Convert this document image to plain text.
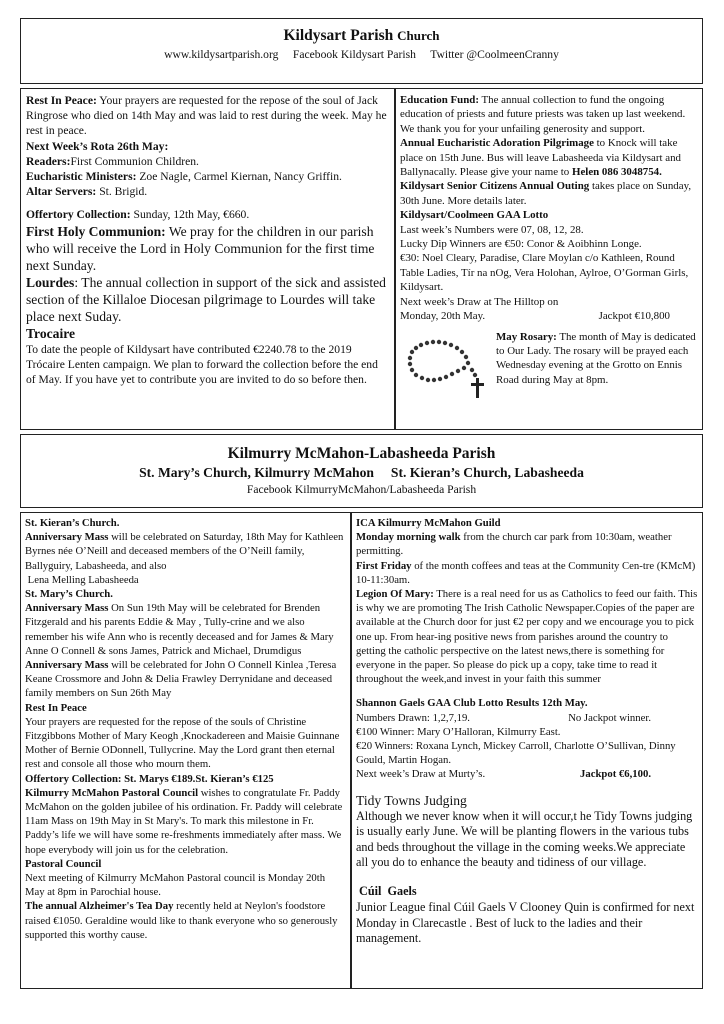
Kildysart Parish Church
www.kildysartparish.org Facebook Kildysart Parish Twitter @CoolmeenCranny

Rest In Peace: Your prayers are requested for the repose of the soul of Jack Ringrose who died on 14th May and was laid to rest during the week. May he rest in peace.

Next Week’s Rota 26th May:

Readers:First Communion Children.

Eucharistic Ministers: Zoe Nagle, Carmel Kiernan, Nancy Griffin.

Altar Servers: St. Brigid.

Offertory Collection: Sunday, 12th May, €660.

First Holy Communion: We pray for the children in our parish who will receive the Lord in Holy Communion for the first time next Sunday.

Lourdes: The annual collection in support of the sick and assisted section of the Killaloe Diocesan pilgrimage to Lourdes will take place next Suday.

Trocaire

To date the people of Kildysart have contributed €2240.78 to the 2019 Trócaire Lenten campaign. We plan to forward the collection before the end of May. If you have yet to contribute you are invited to do so before then.

Education Fund: The annual collection to fund the ongoing education of priests and future priests was taken up last weekend. We thank you for your unfailing generosity and support.

Annual Eucharistic Adoration Pilgrimage to Knock will take place on 15th June. Bus will leave Labasheeda via Kildysart and Ballynacally. Please give your name to Helen 086 3048754.

Kildysart Senior Citizens Annual Outing takes place on Sunday, 30th June. More details later.

Kildysart/Coolmeen GAA Lotto

Last week’s Numbers were 07, 08, 12, 28.

Lucky Dip Winners are €50: Conor & Aoibhinn Longe.

€30: Noel Cleary, Paradise, Clare Moylan c/o Kathleen, Round Table Ladies, Tír na nOg, Vera Holohan, Aylroe, O’Gorman Girls, Kildysart.

Next week’s Draw at The Hilltop on

Monday, 20th May.	Jackpot €10,800

May Rosary: The month of May is dedicated to Our Lady. The rosary will be prayed each Wednesday evening at the Grotto on Ennis Road during May at 8pm.

Kilmurry McMahon-Labasheeda Parish
St. Mary’s Church, Kilmurry McMahon     St. Kieran’s Church, Labasheeda
Facebook KilmurryMcMahon/Labasheeda Parish

St. Kieran’s Church.

Anniversary Mass will be celebrated on Saturday, 18th May for Kathleen Byrnes née O’Neill and deceased members of the O’Neill family, Ballyguiry, Labasheeda, and also

Lena Melling Labasheeda

St. Mary’s Church.

Anniversary Mass On Sun 19th May will be celebrated for Brenden Fitzgerald and his parents Eddie & May , Tully-crine and we also remember his wife Ann who is recently deceased and for James & Mary Anne O Connell & sons James, Patrick and Michael, Drumdigus

Anniversary Mass will be celebrated for John O Connell Kinlea ,Teresa Keane Crossmore and John & Delia Frawley Derrynidane and deceased family members on Sun 26th May

Rest In Peace

Your prayers are requested for the repose of the souls of Christine Fitzgibbons Mother of Mary Keogh ,Knockadereen and Maisie Guinnane Mother of Bernie ODonnell, Tullycrine. May the Lord grant then eternal rest and console all those who mourn them.

Offertory Collection: St. Marys €189.St. Kieran’s €125

Kilmurry McMahon Pastoral Council wishes to congratulate Fr. Paddy McMahon on the golden jubilee of his ordination. Fr. Paddy will celebrate 11am Mass on 19th May in St Mary's. To mark this milestone in Fr. Paddy’s life we will have some re-freshments immediately after mass. We hope everybody will join us for the celebration.

Pastoral Council

Next meeting of Kilmurry McMahon Pastoral council is Monday 20th May at 8pm in Parochial house.

The annual Alzheimer's Tea Day recently held at Neylon's foodstore raised €1050. Geraldine would like to thank everyone who so generously supported this worthy cause.

ICA Kilmurry McMahon Guild

Monday morning walk from the church car park from 10:30am, weather permitting.

First Friday of the month coffees and teas at the Community Cen-tre (KMcM) 10-11:30am.

Legion Of Mary: There is a real need for us as Catholics to feed our faith. This is why we are promoting The Irish Catholic Newspaper.Copies of the paper are available at the Church door for just €2 per copy and we encourage you to pick one up. From hear-ing positive news from parishes around the country to getting the catholic perspective on the latest news,there is something for everyone in the paper. So please do pick up a copy, take time to read it throughout the week,and invest in your faith this summer

Shannon Gaels GAA Club Lotto Results 12th May.

Numbers Drawn: 1,2,7,19.	No Jackpot winner.

€100 Winner: Mary O’Halloran, Kilmurry East.

€20 Winners: Roxana Lynch, Mickey Carroll, Charlotte O’Sullivan, Dinny Gould, Martin Hogan.

Next week’s Draw at Murty’s.	Jackpot €6,100.

Tidy Towns Judging

Although we never know when it will occur,t he Tidy Towns judging is usually early June. We will be planting flowers in the various tubs and beds throughout the village in the coming weeks.We appreciate all you do to enhance the beauty and tidiness of our village.

Cúil  Gaels

Junior League final Cúil Gaels V Clooney Quin is confirmed for next Monday in Clarecastle . Best of luck to the ladies and their management.
